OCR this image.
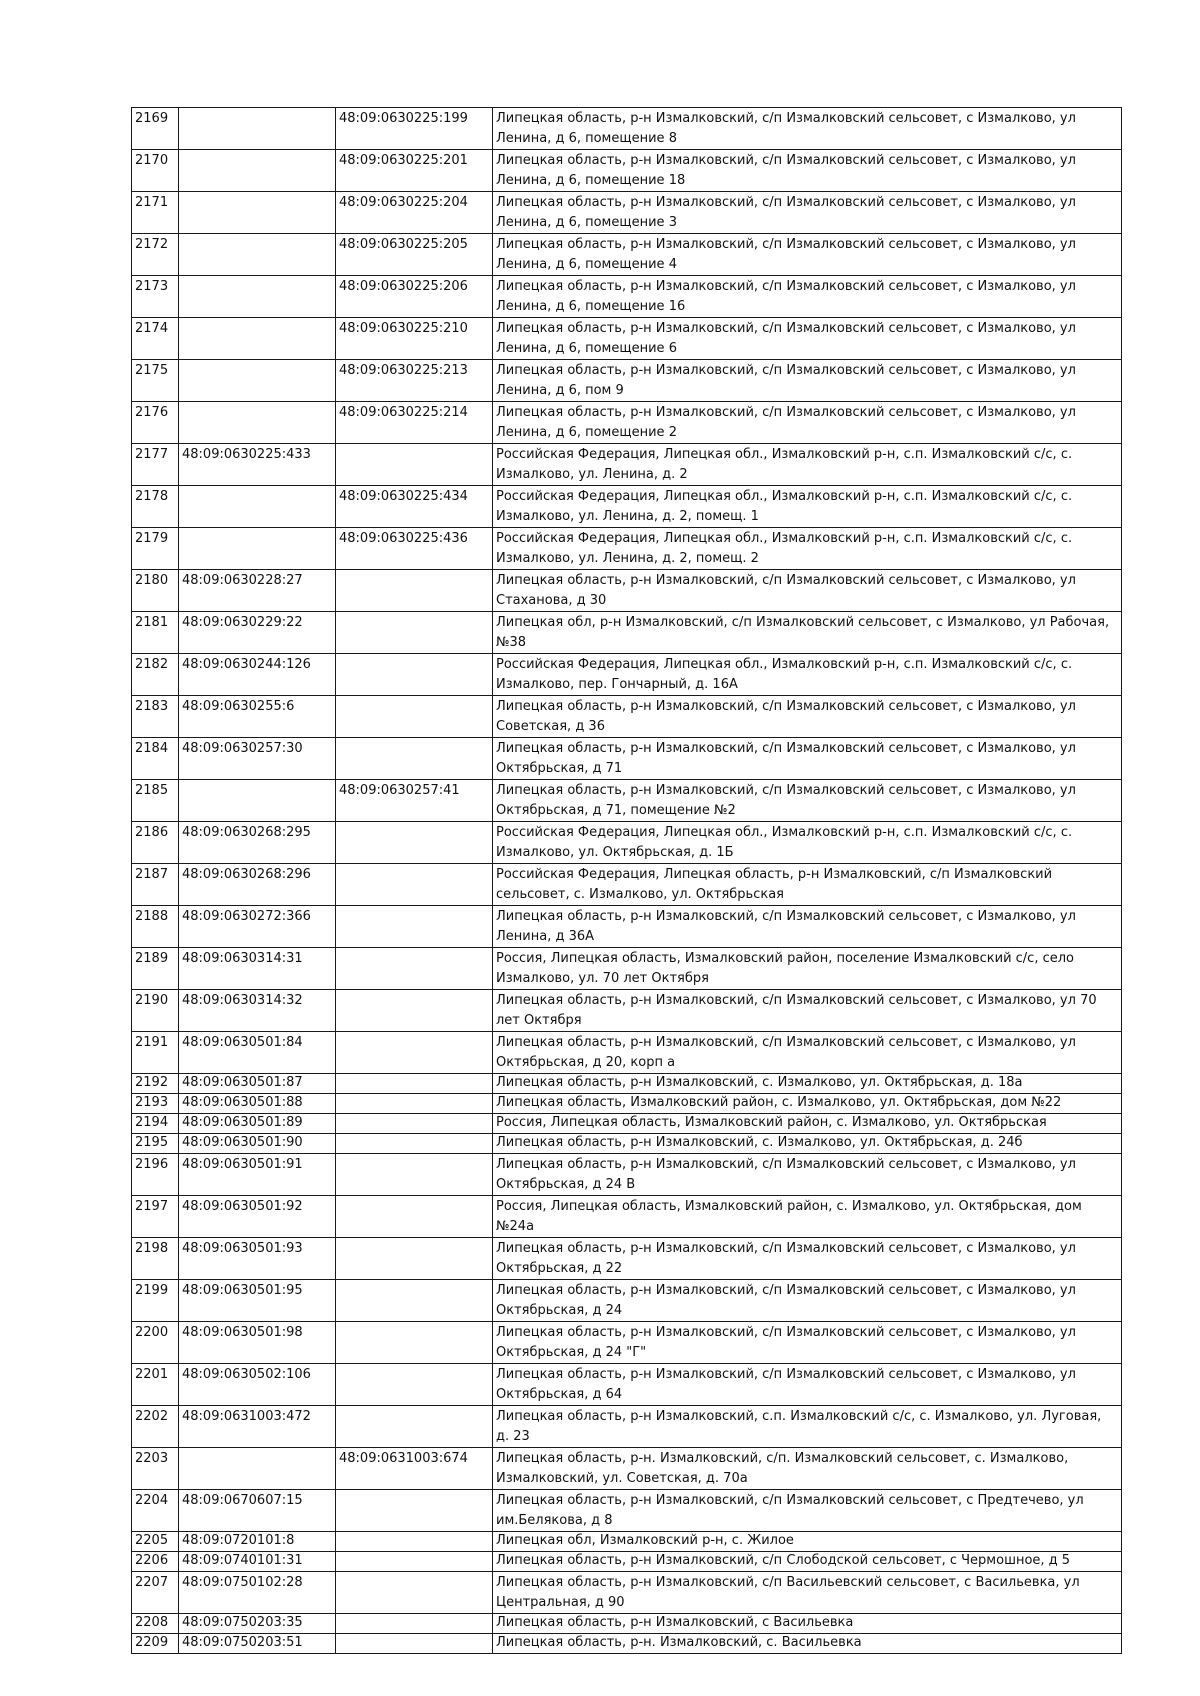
2169		48:09:0630225:199	Липецкая область, р-н Измалковский, с/п Измалковский сельсовет, с Измалково, ул Ленина, д 6, помещение 8
2170		48:09:0630225:201	Липецкая область, р-н Измалковский, с/п Измалковский сельсовет, с Измалково, ул Ленина, д 6, помещение 18
2171		48:09:0630225:204	Липецкая область, р-н Измалковский, с/п Измалковский сельсовет, с Измалково, ул Ленина, д 6, помещение 3
2172		48:09:0630225:205	Липецкая область, р-н Измалковский, с/п Измалковский сельсовет, с Измалково, ул Ленина, д 6, помещение 4
2173		48:09:0630225:206	Липецкая область, р-н Измалковский, с/п Измалковский сельсовет, с Измалково, ул Ленина, д 6, помещение 16
2174		48:09:0630225:210	Липецкая область, р-н Измалковский, с/п Измалковский сельсовет, с Измалково, ул Ленина, д 6, помещение 6
2175		48:09:0630225:213	Липецкая область, р-н Измалковский, с/п Измалковский сельсовет, с Измалково, ул Ленина, д 6, пом 9
2176		48:09:0630225:214	Липецкая область, р-н Измалковский, с/п Измалковский сельсовет, с Измалково, ул Ленина, д 6, помещение 2
2177	48:09:0630225:433		Российская Федерация, Липецкая обл., Измалковский р-н, с.п. Измалковский с/с, с. Измалково, ул. Ленина, д. 2
2178		48:09:0630225:434	Российская Федерация, Липецкая обл., Измалковский р-н, с.п. Измалковский с/с, с. Измалково, ул. Ленина, д. 2, помещ. 1
2179		48:09:0630225:436	Российская Федерация, Липецкая обл., Измалковский р-н, с.п. Измалковский с/с, с. Измалково, ул. Ленина, д. 2, помещ. 2
2180	48:09:0630228:27		Липецкая область, р-н Измалковский, с/п Измалковский сельсовет, с Измалково, ул Стаханова, д 30
2181	48:09:0630229:22		Липецкая обл, р-н Измалковский, с/п Измалковский сельсовет, с Измалково, ул Рабочая, №38
2182	48:09:0630244:126		Российская Федерация, Липецкая обл., Измалковский р-н, с.п. Измалковский с/с, с. Измалково, пер. Гончарный, д. 16А
2183	48:09:0630255:6		Липецкая область, р-н Измалковский, с/п Измалковский сельсовет, с Измалково, ул Советская, д 36
2184	48:09:0630257:30		Липецкая область, р-н Измалковский, с/п Измалковский сельсовет, с Измалково, ул Октябрьская, д 71
2185		48:09:0630257:41	Липецкая область, р-н Измалковский, с/п Измалковский сельсовет, с Измалково, ул Октябрьская, д 71, помещение №2
2186	48:09:0630268:295		Российская Федерация, Липецкая обл., Измалковский р-н, с.п. Измалковский с/с, с. Измалково, ул. Октябрьская, д. 1Б
2187	48:09:0630268:296		Российская Федерация, Липецкая область, р-н Измалковский, с/п Измалковский сельсовет, с. Измалково, ул. Октябрьская
2188	48:09:0630272:366		Липецкая область, р-н Измалковский, с/п Измалковский сельсовет, с Измалково, ул Ленина, д 36А
2189	48:09:0630314:31		Россия, Липецкая область, Измалковский район, поселение Измалковский с/с, село Измалково, ул. 70 лет Октября
2190	48:09:0630314:32		Липецкая область, р-н Измалковский, с/п Измалковский сельсовет, с Измалково, ул 70 лет Октября
2191	48:09:0630501:84		Липецкая область, р-н Измалковский, с/п Измалковский сельсовет, с Измалково, ул Октябрьская, д 20, корп а
2192	48:09:0630501:87		Липецкая область, р-н Измалковский, с. Измалково, ул. Октябрьская, д. 18а
2193	48:09:0630501:88		Липецкая область, Измалковский район, с. Измалково, ул. Октябрьская, дом №22
2194	48:09:0630501:89		Россия, Липецкая область, Измалковский район, с. Измалково, ул. Октябрьская
2195	48:09:0630501:90		Липецкая область, р-н Измалковский, с. Измалково, ул. Октябрьская, д. 24б
2196	48:09:0630501:91		Липецкая область, р-н Измалковский, с/п Измалковский сельсовет, с Измалково, ул Октябрьская, д 24 В
2197	48:09:0630501:92		Россия, Липецкая область, Измалковский район, с. Измалково, ул. Октябрьская, дом №24а
2198	48:09:0630501:93		Липецкая область, р-н Измалковский, с/п Измалковский сельсовет, с Измалково, ул Октябрьская, д 22
2199	48:09:0630501:95		Липецкая область, р-н Измалковский, с/п Измалковский сельсовет, с Измалково, ул Октябрьская, д 24
2200	48:09:0630501:98		Липецкая область, р-н Измалковский, с/п Измалковский сельсовет, с Измалково, ул Октябрьская, д 24 "Г"
2201	48:09:0630502:106		Липецкая область, р-н Измалковский, с/п Измалковский сельсовет, с Измалково, ул Октябрьская, д 64
2202	48:09:0631003:472		Липецкая область, р-н Измалковский, с.п. Измалковский с/с, с. Измалково, ул. Луговая, д. 23
2203		48:09:0631003:674	Липецкая область, р-н. Измалковский, с/п. Измалковский сельсовет, с. Измалково, Измалковский, ул. Советская, д. 70а
2204	48:09:0670607:15		Липецкая область, р-н Измалковский, с/п Измалковский сельсовет, с Предтечево, ул им.Белякова, д 8
2205	48:09:0720101:8		Липецкая обл, Измалковский р-н, с. Жилое
2206	48:09:0740101:31		Липецкая область, р-н Измалковский, с/п Слободской сельсовет, с Чермошное, д 5
2207	48:09:0750102:28		Липецкая область, р-н Измалковский, с/п Васильевский сельсовет, с Васильевка, ул Центральная, д 90
2208	48:09:0750203:35		Липецкая область, р-н Измалковский, с Васильевка
2209	48:09:0750203:51		Липецкая область, р-н. Измалковский, с. Васильевка
